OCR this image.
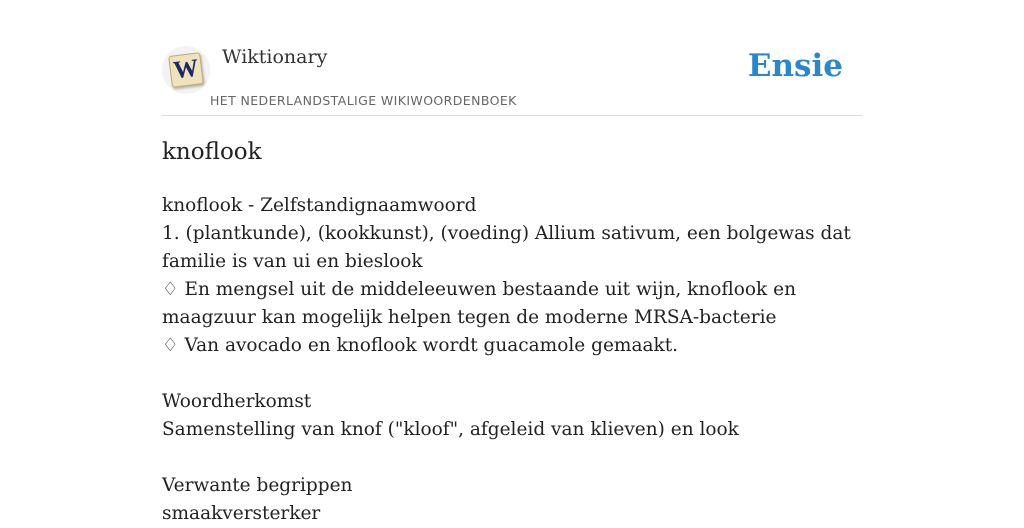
W Wiktionary
HET NEDERLANDSTALIGE WIKIWOORDENBOEK
Ensie
knoflook

knoflook - Zelfstandignaamwoord

1. (plantkunde), (kookkunst), (voeding) Allium sativum, een bolgewas dat familie is van ui en bieslook

♢ En mengsel uit de middeleeuwen bestaande uit wijn, knoflook en maagzuur kan mogelijk helpen tegen de moderne MRSA-bacterie

♢ Van avocado en knoflook wordt guacamole gemaakt.

Woordherkomst

Samenstelling van knof ("kloof", afgeleid van klieven) en look

Verwante begrippen

smaakversterker
